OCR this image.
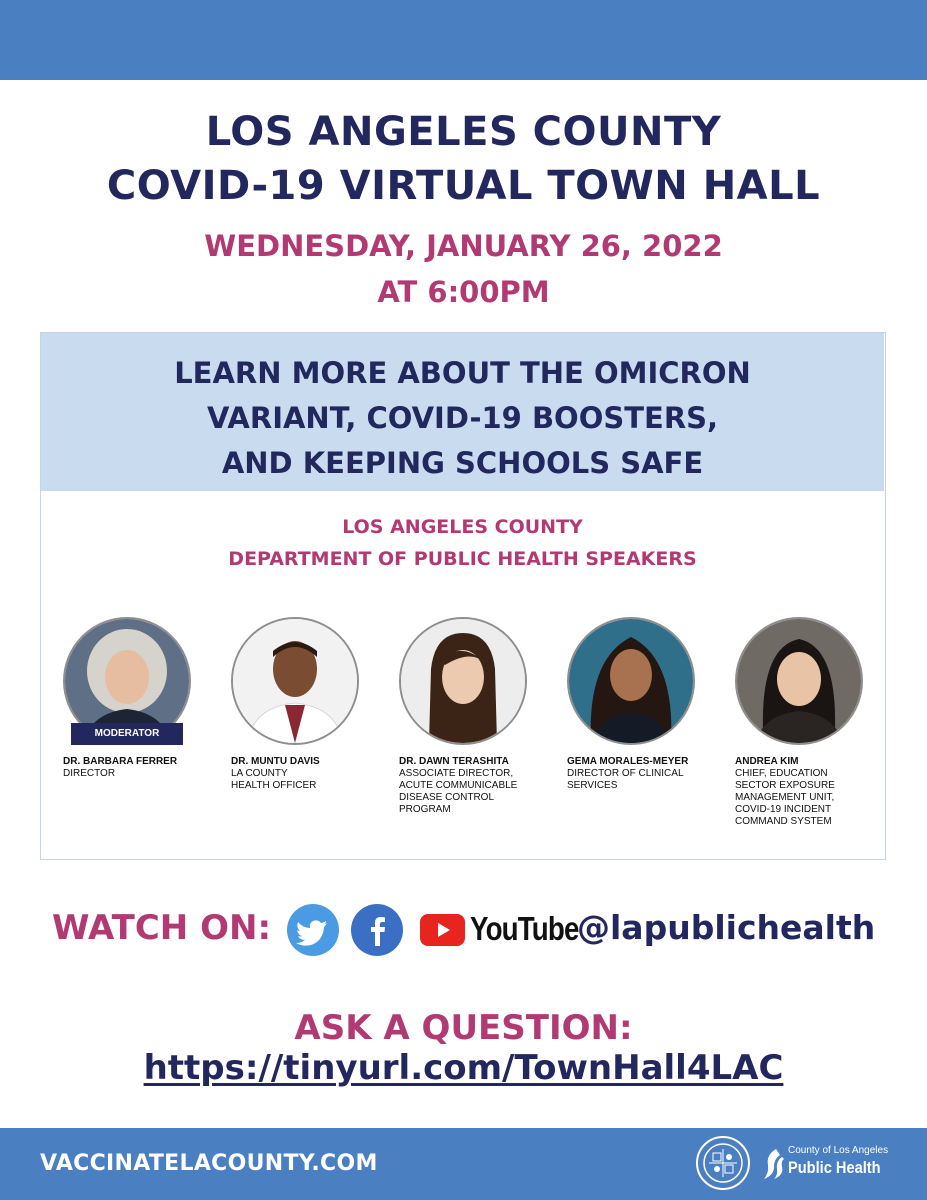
LOS ANGELES COUNTY
COVID-19 VIRTUAL TOWN HALL
WEDNESDAY, JANUARY 26, 2022
AT 6:00PM
LEARN MORE ABOUT THE OMICRON
VARIANT, COVID-19 BOOSTERS,
AND KEEPING SCHOOLS SAFE
LOS ANGELES COUNTY
DEPARTMENT OF PUBLIC HEALTH SPEAKERS
MODERATOR
DR. BARBARA FERRER
DIRECTOR
DR. MUNTU DAVIS
LA COUNTY
HEALTH OFFICER
DR. DAWN TERASHITA
ASSOCIATE DIRECTOR,
ACUTE COMMUNICABLE
DISEASE CONTROL
PROGRAM
GEMA MORALES-MEYER
DIRECTOR OF CLINICAL
SERVICES
ANDREA KIM
CHIEF, EDUCATION
SECTOR EXPOSURE
MANAGEMENT UNIT,
COVID-19 INCIDENT
COMMAND SYSTEM
WATCH ON:	YouTube
@lapublichealth
ASK A QUESTION:
https://tinyurl.com/TownHall4LAC
VACCINATELACOUNTY.COM
County of Los Angeles
Public Health
